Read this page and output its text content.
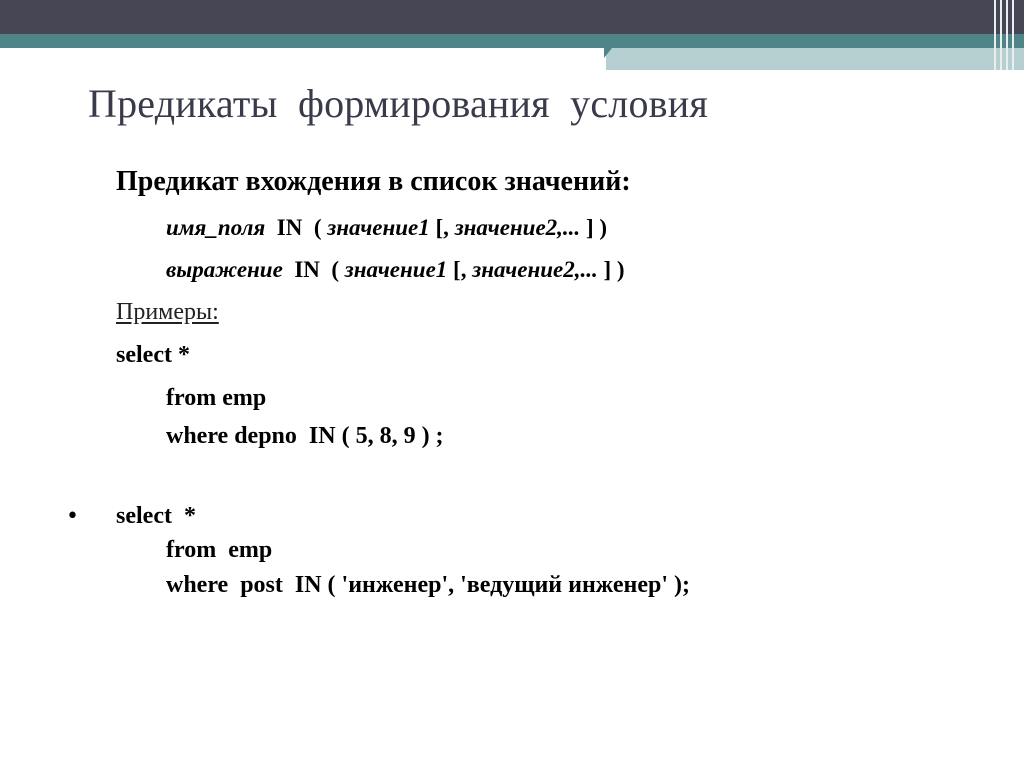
Предикаты  формирования  условия
Предикат вхождения в список значений:
имя_поля IN  ( значение1 [, значение2,... ] )
выражение IN  ( значение1 [, значение2,... ] )
Примеры:
select *
from emp
where depno  IN ( 5, 8, 9 ) ;
• select  *
from  emp
where  post  IN ( 'инженер', 'ведущий инженер' );
